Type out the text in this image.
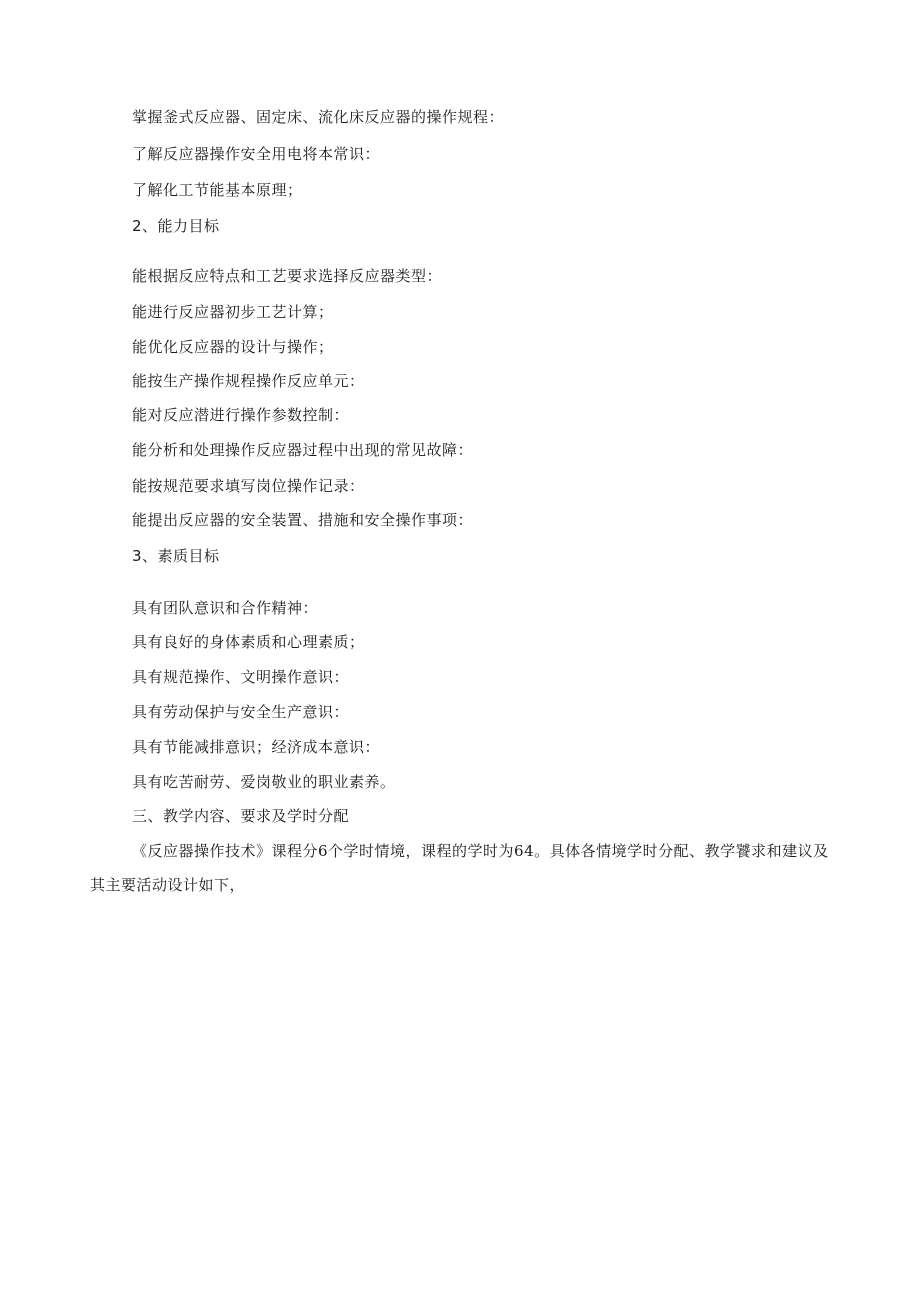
掌握釜式反应器、固定床、流化床反应器的操作规程：
了解反应器操作安全用电将本常识：
了解化工节能基本原理；
2、能力目标
能根据反应特点和工艺要求选择反应器类型：
能进行反应器初步工艺计算；
能优化反应器的设计与操作；
能按生产操作规程操作反应单元：
能对反应潜进行操作参数控制：
能分析和处理操作反应器过程中出现的常见故障：
能按规范要求填写岗位操作记录：
能提出反应器的安全装置、措施和安全操作事项：
3、素质目标
具有团队意识和合作精神：
具有良好的身体素质和心理素质；
具有规范操作、文明操作意识：
具有劳动保护与安全生产意识：
具有节能减排意识；经济成本意识：
具有吃苦耐劳、爱岗敬业的职业素养。
三、教学内容、要求及学时分配
《反应器操作技术》课程分6个学时情境，课程的学时为64。具体各情境学时分配、教学饕求和建议及其主要活动设计如下，
